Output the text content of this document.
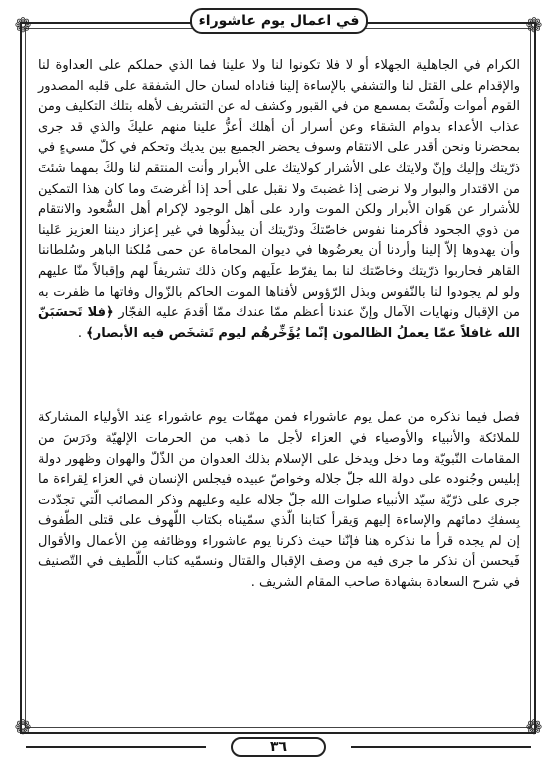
❁	❁
❁	❁
في اعمال يوم عاشوراء

الكرام في الجاهلية الجهلاء أو لا فلا تكونوا لنا ولا علينا فما الذي حملكم على العداوة لنا والإقدام على القتل لنا والتشفي بالإساءة إلينا فناداه لسان حال الشفقة على قلبه المصدور القوم أموات ولَسْتَ بمسمع من في القبور وكشف له عن التشريف لأهله بتلك التكليف ومن عذاب الأعداء بدوام الشقاء وعن أسرار أن أهلك أعزُّ علينا منهم عليكَ والذي قد جرى بمحضرنا ونحن أقدر على الانتقام وسوف يحضر الجميع بين يديك وتحكم في كلّ مسيءٍ في ذرّيتك وإليك وإنّ ولايتك على الأشرار كولايتك على الأبرار وأنت المنتقم لنا ولكَ بمهما شئتَ من الاقتدار والبوار ولا نرضى إذا غضبتَ ولا نقبل على أحد إذا أغرضتَ وما كان هذا التمكين للأشرار عن هَوان الأبرار ولكن الموت وارد على أهل الوجود لإكرام أهل السُّعود والانتقام من ذوي الجحود فأكرمنا نفوس خاصّتكَ وذرّيتك أن يبذلُوها في غير إعزاز ديننا العزيز عَلينا وأن يهدوها إلاّ إلينا وأردنا أن يعرضُوها في ديوان المحاماة عن حمى مُلكنا الباهر وسُلطاننا القاهر فحاربوا ذرّيتك وخاصّتك لنا بما يفرّط علَيهم وكان ذلك تشريفاً لهم وإقبالاً منّا عليهم ولو لم يجودوا لنا بالنّفوس وبذل الرّؤوس لأفناها الموت الحاكم بالزّوال وفاتها ما ظفرت به من الإقبال ونهايات الآمال وإنّ عندنا أعظم ممّا عندك ممّا أقدمَ عليه الفجّار ﴿فلا تَحسَبَنّ الله غافلاً عمّا يعملُ الظالمون إنّما يُؤَخِّرهُم ليوم تَشخَص فيه الأبصار﴾ .

فصل فيما نذكره من عمل يوم عاشوراء فمن مهمّات يوم عاشوراء عِند الأولياء المشاركة للملائكة والأنبياء والأوصياء في العزاء لأجل ما ذهب من الحرمات الإلهيّة ودَرَسَ من المقامات النّبويّة وما دخل ويدخل على الإسلام بذلك العدوان من الذّلّ والهوان وظهور دولة إبليس وجُنوده على دولة الله جلّ جلاله وخواصّ عبيده فيجلس الإنسان في العزاء لِقراءة ما جرى على ذرّيّة سيّد الأنبياء صلوات الله جلّ جلاله عليه وعليهم وذكر المصائب الّتي تجدّدت بِسفكِ دمائهم والإساءة إليهم وَيقرأ كتابنا الّذي سمّيناه بكتاب اللّهوف على قتلى الطّفوف إن لم يجده قرأ ما نذكره هنا فإنّنا حيث ذكرنا يوم عاشوراء ووظائفه مِن الأعمال والأقوال فَيحسن أن نذكر ما جرى فيه من وصف الإقبال والقتال ونسمّيه كتاب اللّطيف في التّصنيف في شرح السعادة بشهادة صاحب المقام الشريف .

٣٦
